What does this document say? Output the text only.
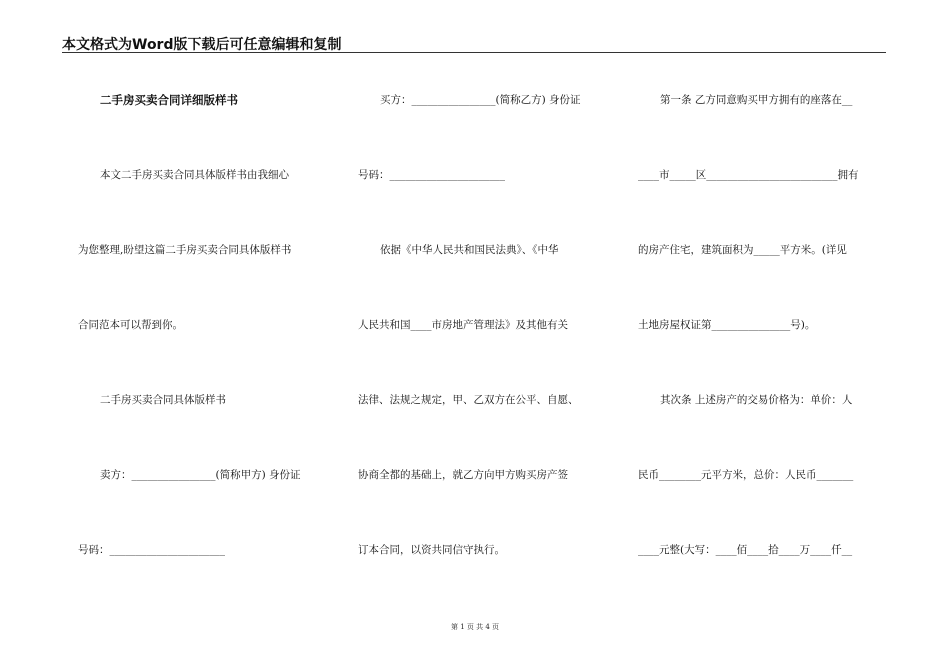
本文格式为Word版下载后可任意编辑和复制
二手房买卖合同详细版样书
本文二手房买卖合同具体版样书由我细心
为您整理,盼望这篇二手房买卖合同具体版样书
合同范本可以帮到你。
二手房买卖合同具体版样书
卖方：________________(简称甲方) 身份证
号码：______________________
买方：________________(简称乙方) 身份证
号码：______________________
依据《中华人民共和国民法典》、《中华
人民共和国____市房地产管理法》及其他有关
法律、法规之规定，甲、乙双方在公平、自愿、
协商全都的基础上，就乙方向甲方购买房产签
订本合同，以资共同信守执行。
第一条 乙方同意购买甲方拥有的座落在__
____市_____区_________________________拥有
的房产住宅，建筑面积为_____平方米。(详见
土地房屋权证第_______________号)。
其次条 上述房产的交易价格为：单价：人
民币________元平方米，总价：人民币_______
____元整(大写：____佰____拾____万____仟__
第 1 页 共 4 页
